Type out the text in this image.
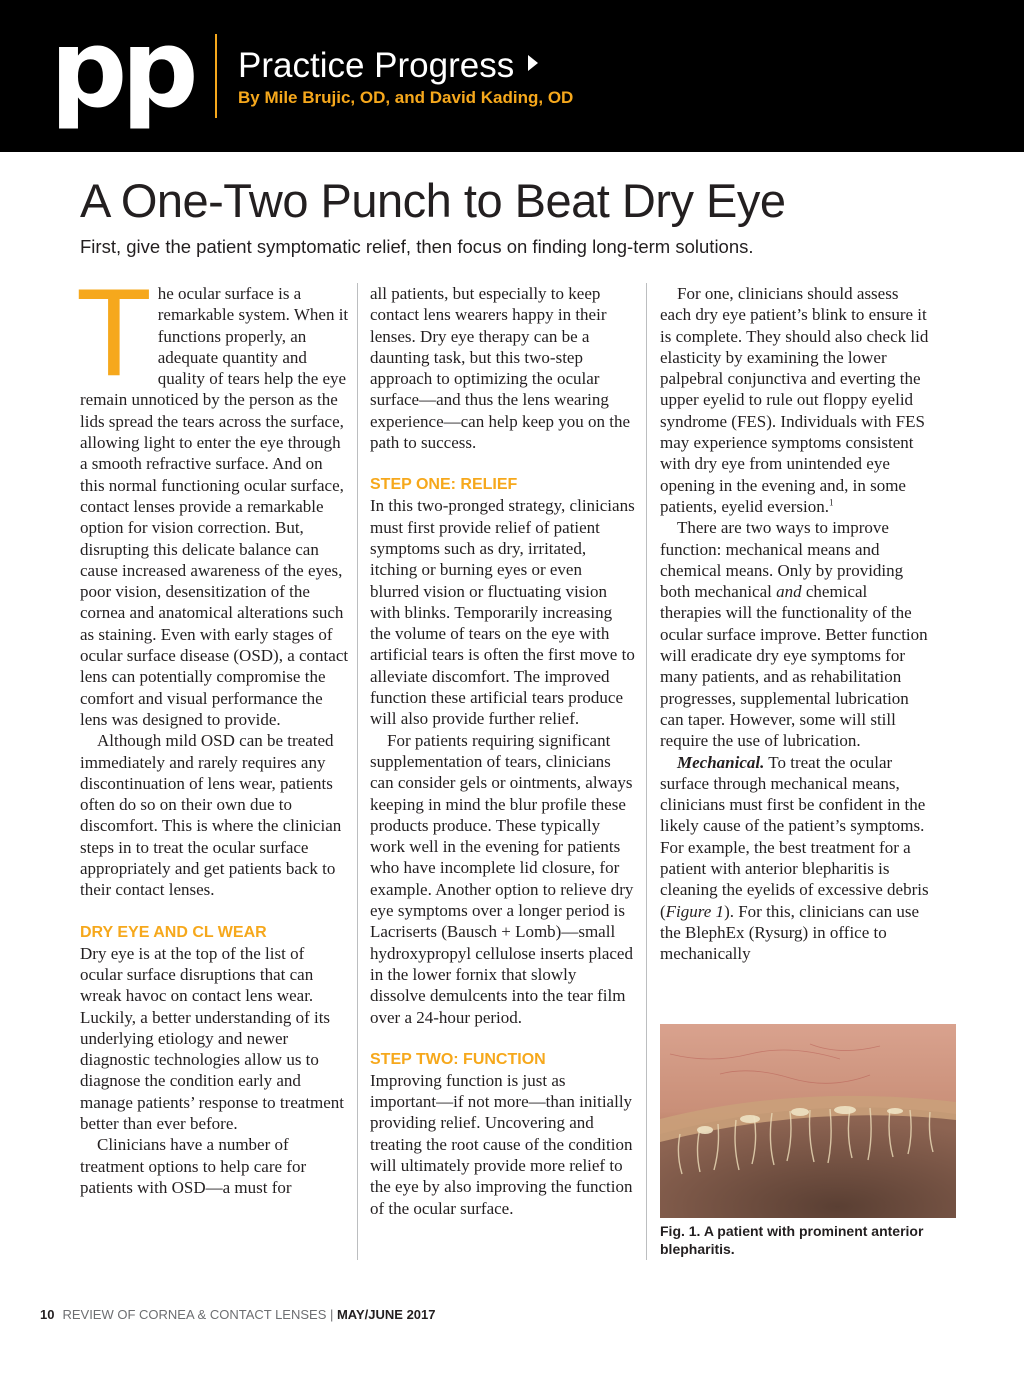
pp Practice Progress
By Mile Brujic, OD, and David Kading, OD
A One-Two Punch to Beat Dry Eye
First, give the patient symptomatic relief, then focus on finding long-term solutions.

The ocular surface is a remarkable system. When it functions properly, an adequate quantity and quality of tears help the eye remain unnoticed by the person as the lids spread the tears across the surface, allowing light to enter the eye through a smooth refractive surface. And on this normal functioning ocular surface, contact lenses provide a remarkable option for vision correction. But, disrupting this delicate balance can cause increased awareness of the eyes, poor vision, desensitization of the cornea and anatomical alterations such as staining. Even with early stages of ocular surface disease (OSD), a contact lens can potentially compromise the comfort and visual performance the lens was designed to provide.

Although mild OSD can be treated immediately and rarely requires any discontinuation of lens wear, patients often do so on their own due to discomfort. This is where the clinician steps in to treat the ocular surface appropriately and get patients back to their contact lenses.

DRY EYE AND CL WEAR

Dry eye is at the top of the list of ocular surface disruptions that can wreak havoc on contact lens wear. Luckily, a better understanding of its underlying etiology and newer diagnostic technologies allow us to diagnose the condition early and manage patients’ response to treatment better than ever before.

Clinicians have a number of treatment options to help care for patients with OSD—a must for

all patients, but especially to keep contact lens wearers happy in their lenses. Dry eye therapy can be a daunting task, but this two-step approach to optimizing the ocular surface—and thus the lens wearing experience—can help keep you on the path to success.

STEP ONE: RELIEF

In this two-pronged strategy, clinicians must first provide relief of patient symptoms such as dry, irritated, itching or burning eyes or even blurred vision or fluctuating vision with blinks. Temporarily increasing the volume of tears on the eye with artificial tears is often the first move to alleviate discomfort. The improved function these artificial tears produce will also provide further relief.

For patients requiring significant supplementation of tears, clinicians can consider gels or ointments, always keeping in mind the blur profile these products produce. These typically work well in the evening for patients who have incomplete lid closure, for example. Another option to relieve dry eye symptoms over a longer period is Lacriserts (Bausch + Lomb)—small hydroxypropyl cellulose inserts placed in the lower fornix that slowly dissolve demulcents into the tear film over a 24-hour period.

STEP TWO: FUNCTION

Improving function is just as important—if not more—than initially providing relief. Uncovering and treating the root cause of the condition will ultimately provide more relief to the eye by also improving the function of the ocular surface.

For one, clinicians should assess each dry eye patient’s blink to ensure it is complete. They should also check lid elasticity by examining the lower palpebral conjunctiva and everting the upper eyelid to rule out floppy eyelid syndrome (FES). Individuals with FES may experience symptoms consistent with dry eye from unintended eye opening in the evening and, in some patients, eyelid eversion.$^1$

There are two ways to improve function: mechanical means and chemical means. Only by providing both mechanical and chemical therapies will the functionality of the ocular surface improve. Better function will eradicate dry eye symptoms for many patients, and as rehabilitation progresses, supplemental lubrication can taper. However, some will still require the use of lubrication.

Mechanical. To treat the ocular surface through mechanical means, clinicians must first be confident in the likely cause of the patient’s symptoms. For example, the best treatment for a patient with anterior blepharitis is cleaning the eyelids of excessive debris (Figure 1). For this, clinicians can use the BlephEx (Rysurg) in office to mechanically

Fig. 1. A patient with prominent anterior blepharitis.
10 REVIEW OF CORNEA & CONTACT LENSES | MAY/JUNE 2017
